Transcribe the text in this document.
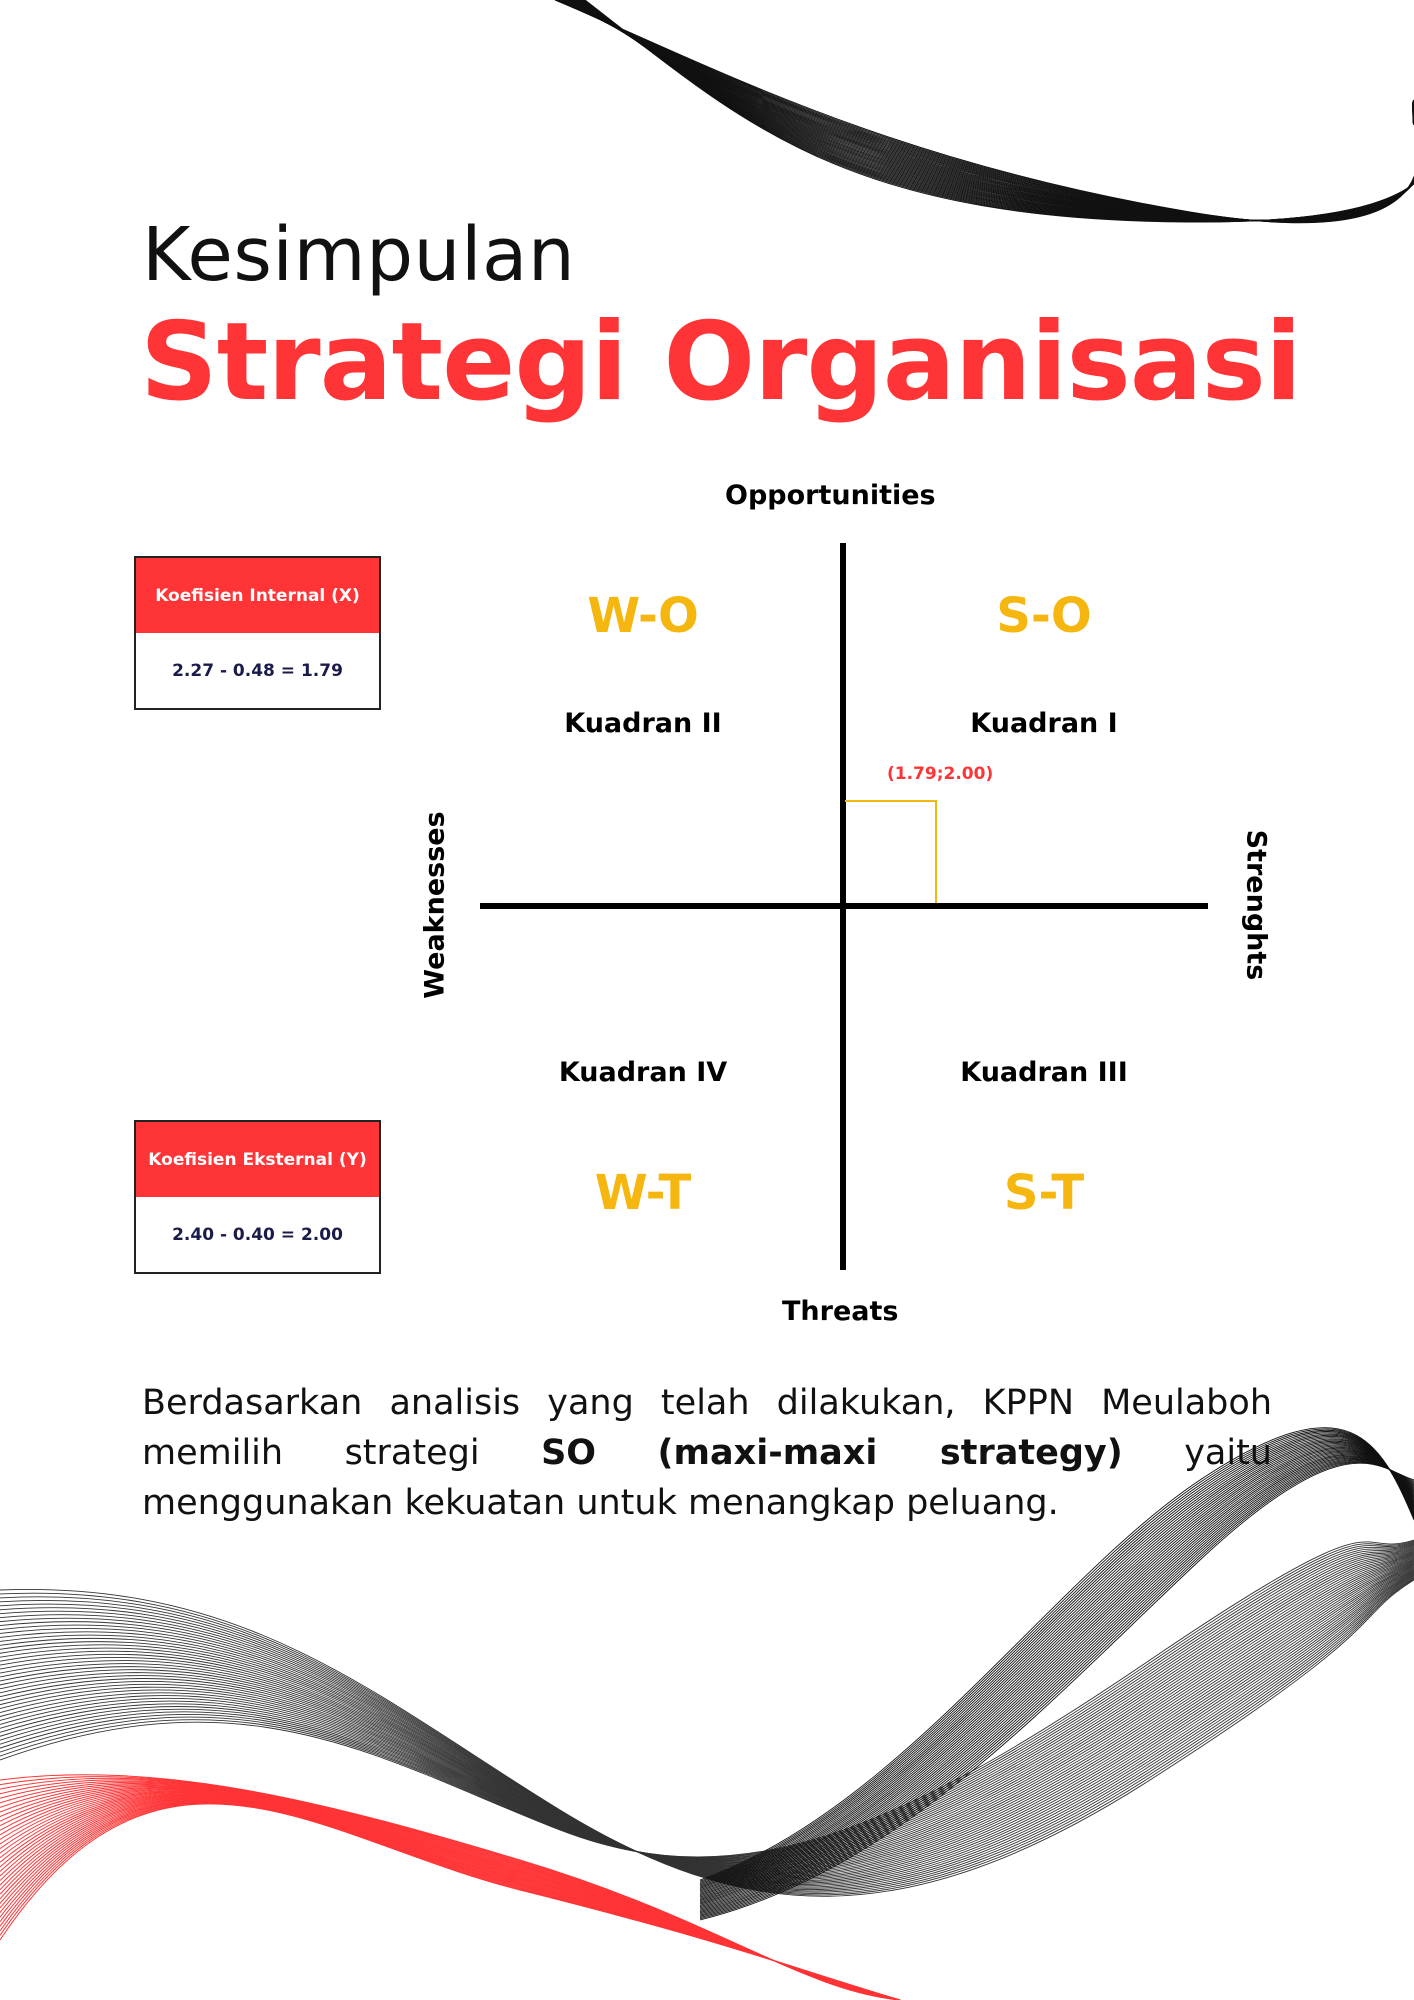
Kesimpulan
Strategi Organisasi
Koefisien Internal (X)
2.27 - 0.48 = 1.79
Koefisien Eksternal (Y)
2.40 - 0.40 = 2.00
Opportunities
Threats
Weaknesses	Strenghts
W-O	S-O
Kuadran II	Kuadran I
(1.79;2.00)
Kuadran IV	Kuadran III
W-T	S-T
Berdasarkan analisis yang telah dilakukan, KPPN Meulaboh memilih strategi SO (maxi-maxi strategy) yaitu menggunakan kekuatan untuk menangkap peluang.
